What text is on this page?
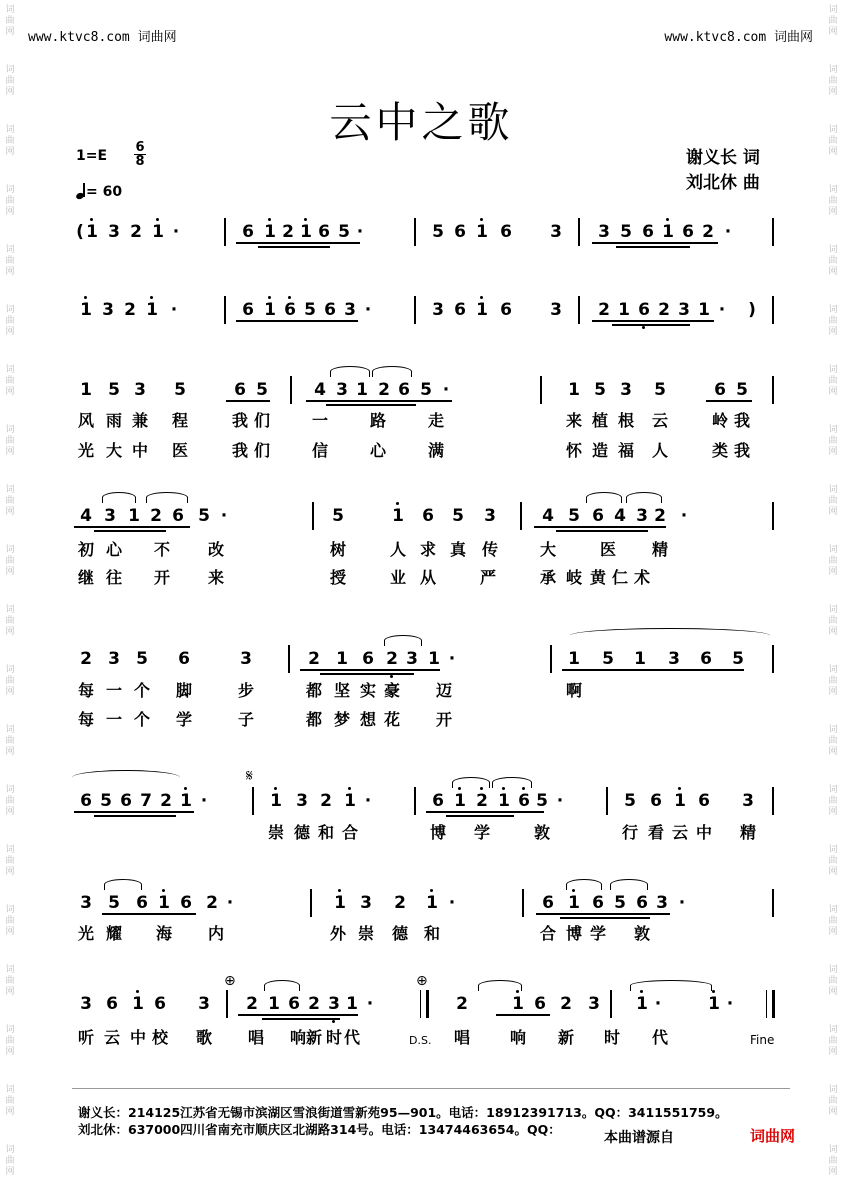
词
曲
网
词
曲
网
词
曲
网
词
曲
网
词
曲
网
词
曲
网
词
曲
网
词
曲
网
词
曲
网
词
曲
网
词
曲
网
词
曲
网
词
曲
网
词
曲
网
词
曲
网
词
曲
网
词
曲
网
词
曲
网
词
曲
网
词
曲
网
词
曲
网
词
曲
网
词
曲
网
词
曲
网
词
曲
网
词
曲
网
词
曲
网
词
曲
网
词
曲
网
词
曲
网
词
曲
网
词
曲
网
词
曲
网
词
曲
网
词
曲
网
词
曲
网
词
曲
网
词
曲
网
词
曲
网
词
曲
网
www.ktvc8.com 词曲网	www.ktvc8.com 词曲网
云中之歌
谢义长 词
刘北休 曲
1=E
6
8
= 60
( 1 3 2 1 ·	6 1 2 1 6 5 ·	5 6 1 6 3 3 5 6 1 6 2 ·
1 3 2 1 ·	6 1 6 5 6 3 ·	3 6 1 6 3 2 1 6 2 3 1 ·	)
1 5 3 5	6 5	4 3 1 2 6 5 ·	1 5 3 5	6 5
4 3 1 2 6 5 ·	5	1 6 5 3	4 5 6 4 3 2 ·
2 3 5 6	3	2 1 6 2 3 1 ·	1 5 1 3 6 5
6 5 6 7 2 1 ·	1 3 2 1 ·	6 1 2 1 6 5 ·	5 6 1 6 3
3 5 6 1 6 2 ·	1 3 2 1 ·	6 1 6 5 6 3 ·
3 6 1 6 3 2 1 6 2 3 1 ·	2	1 6 2 3 1 ·	1 ·
风 雨 兼 程	我 们	一	路	走	来 植 根 云	岭 我
光 大 中 医	我 们	信	心	满	怀 造 福 人	类 我
初 心 不 改	树	人 求 真 传	大	医 精
继 往 开 来	授	业 从	严	承 岐 黄 仁 术
每 一 个 脚	步	都 坚 实 豪 迈	啊
每 一 个 学	子	都 梦 想 花 开
崇 德 和 合	博 学	敦	行 看 云 中 精
光 耀 海 内	外 崇 德 和	合 博 学 敦
听 云 中 校 歌 唱 响 新 时 代	唱 响 新 时 代
𝄋
⊕	⊕
D.S.	Fine
谢义长：214125江苏省无锡市滨湖区雪浪街道雪新苑95—901。电话：18912391713。QQ：3411551759。
刘北休：637000四川省南充市顺庆区北湖路314号。电话：13474463654。QQ：
本曲谱源自	词曲网
